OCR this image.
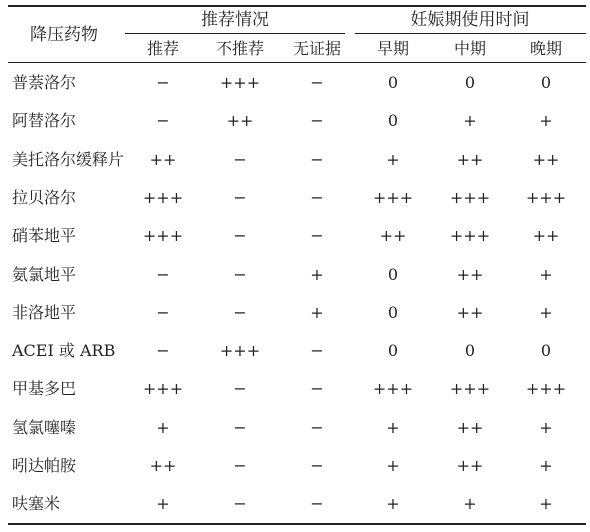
降压药物
推荐情况	妊娠期使用时间
推荐	不推荐	无证据	早期	中期	晚期
普萘洛尔	−	+++	−	0	0	0
阿替洛尔	−	++	−	0	+	+
美托洛尔缓释片	++	−	−	+	++	++
拉贝洛尔	+++	−	−	+++	+++	+++
硝苯地平	+++	−	−	++	+++	++
氨氯地平	−	−	+	0	++	+
非洛地平	−	−	+	0	++	+
ACEI 或 ARB	−	+++	−	0	0	0
甲基多巴	+++	−	−	+++	+++	+++
氢氯噻嗪	+	−	−	+	++	+
吲达帕胺	++	−	−	+	++	+
呋塞米	+	−	−	+	+	+
